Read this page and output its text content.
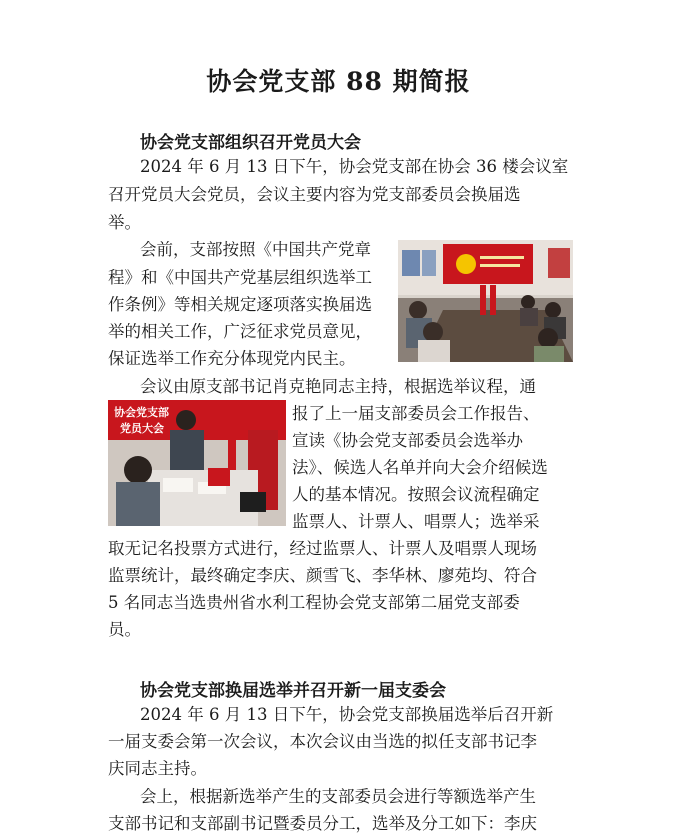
协会党支部 88 期简报
协会党支部组织召开党员大会
2024 年 6 月 13 日下午，协会党支部在协会 36 楼会议室
召开党员大会党员，会议主要内容为党支部委员会换届选
举。
会前，支部按照《中国共产党章
程》和《中国共产党基层组织选举工
作条例》等相关规定逐项落实换届选
举的相关工作，广泛征求党员意见，
保证选举工作充分体现党内民主。
会议由原支部书记肖克艳同志主持，根据选举议程，通
报了上一届支部委员会工作报告、
宣读《协会党支部委员会选举办
法》、候选人名单并向大会介绍候选
人的基本情况。按照会议流程确定
监票人、计票人、唱票人；选举采
协会党支部
党员大会
取无记名投票方式进行，经过监票人、计票人及唱票人现场
监票统计，最终确定李庆、颜雪飞、李华林、廖苑均、符合
5 名同志当选贵州省水利工程协会党支部第二届党支部委
员。
协会党支部换届选举并召开新一届支委会
2024 年 6 月 13 日下午，协会党支部换届选举后召开新
一届支委会第一次会议，本次会议由当选的拟任支部书记李
庆同志主持。
会上，根据新选举产生的支部委员会进行等额选举产生
支部书记和支部副书记暨委员分工，选举及分工如下：李庆
